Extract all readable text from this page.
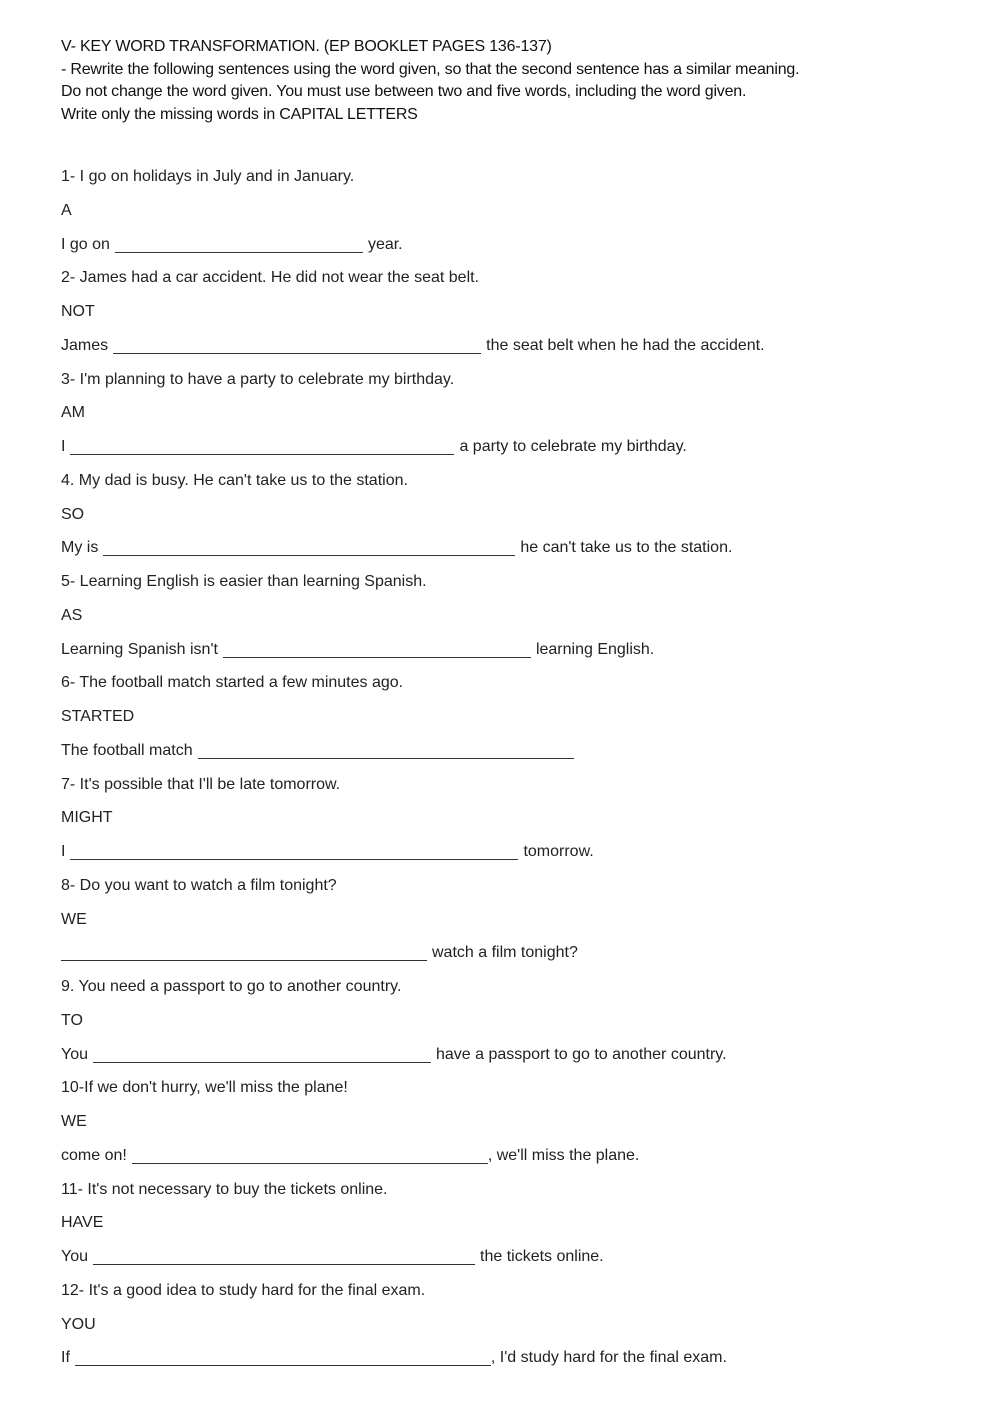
V- KEY WORD TRANSFORMATION. (EP BOOKLET PAGES 136-137)
- Rewrite the following sentences using the word given, so that the second sentence has a similar meaning.
Do not change the word given. You must use between two and five words, including the word given.
Write only the missing words in CAPITAL LETTERS
1- I go on holidays in July and in January.
A
I go on	year.
2- James had a car accident. He did not wear the seat belt.
NOT
James	the seat belt when he had the accident.
3- I'm planning to have a party to celebrate my birthday.
AM
I	a party to celebrate my birthday.
4. My dad is busy. He can't take us to the station.
SO
My is	he can't take us to the station.
5- Learning English is easier than learning Spanish.
AS
Learning Spanish isn't	learning English.
6- The football match started a few minutes ago.
STARTED
The football match
7- It's possible that I'll be late tomorrow.
MIGHT
I	tomorrow.
8- Do you want to watch a film tonight?
WE
watch a film tonight?
9. You need a passport to go to another country.
TO
You	have a passport to go to another country.
10-If we don't hurry, we'll miss the plane!
WE
come on!	, we'll miss the plane.
11- It's not necessary to buy the tickets online.
HAVE
You	the tickets online.
12- It's a good idea to study hard for the final exam.
YOU
If	, I'd study hard for the final exam.
